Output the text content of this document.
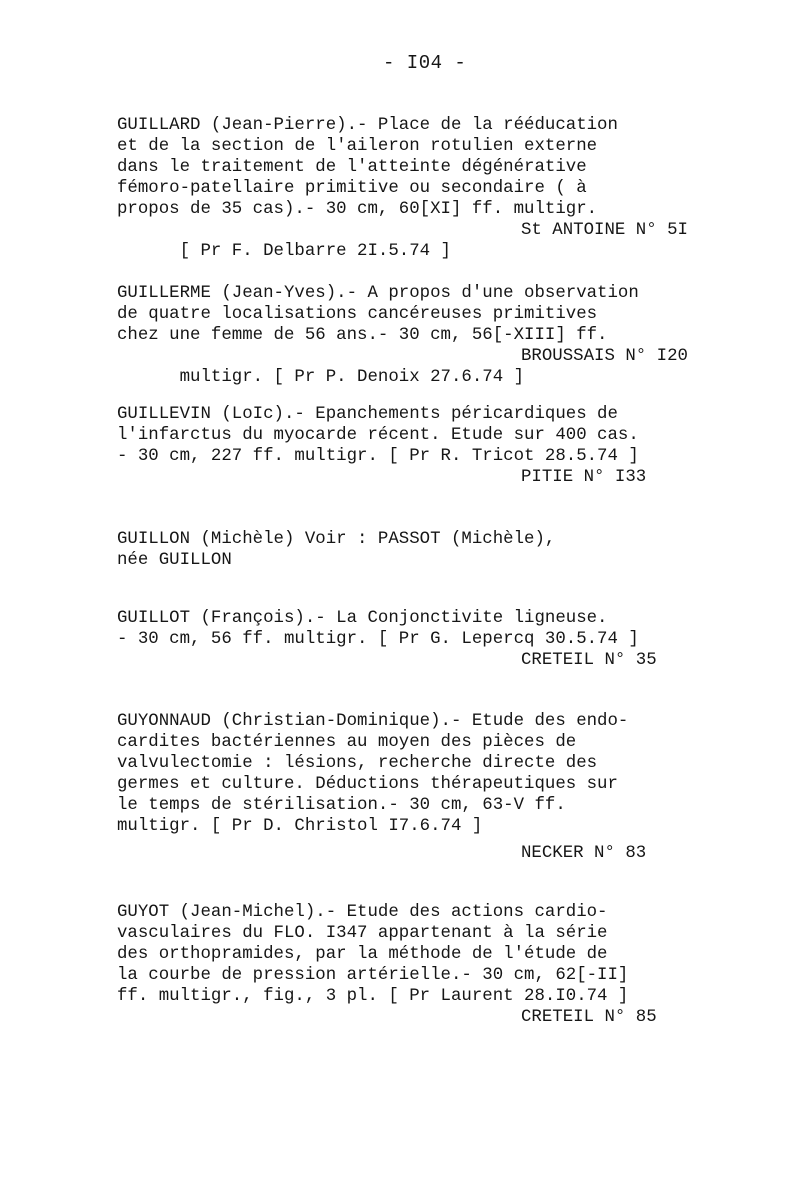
- I04 -
GUILLARD (Jean-Pierre).- Place de la rééducation
et de la section de l'aileron rotulien externe
dans le traitement de l'atteinte dégénérative
fémoro-patellaire primitive ou secondaire ( à
propos de 35 cas).- 30 cm, 60[XI] ff. multigr.

[ Pr F. Delbarre 2I.5.74 ]

St ANTOINE N° 5I

GUILLERME (Jean-Yves).- A propos d'une observation
de quatre localisations cancéreuses primitives
chez une femme de 56 ans.- 30 cm, 56[-XIII] ff.

multigr. [ Pr P. Denoix 27.6.74 ]

BROUSSAIS N° I20

GUILLEVIN (LoIc).- Epanchements péricardiques de
l'infarctus du myocarde récent. Etude sur 400 cas.
- 30 cm, 227 ff. multigr. [ Pr R. Tricot 28.5.74 ]

PITIE N° I33

GUILLON (Michèle) Voir : PASSOT (Michèle),
née GUILLON
GUILLOT (François).- La Conjonctivite ligneuse.
- 30 cm, 56 ff. multigr. [ Pr G. Lepercq 30.5.74 ]

CRETEIL N° 35

GUYONNAUD (Christian-Dominique).- Etude des endo-
cardites bactériennes au moyen des pièces de
valvulectomie : lésions, recherche directe des
germes et culture. Déductions thérapeutiques sur
le temps de stérilisation.- 30 cm, 63-V ff.
multigr. [ Pr D. Christol I7.6.74 ]

NECKER N° 83

GUYOT (Jean-Michel).- Etude des actions cardio-
vasculaires du FLO. I347 appartenant à la série
des orthopramides, par la méthode de l'étude de
la courbe de pression artérielle.- 30 cm, 62[-II]
ff. multigr., fig., 3 pl. [ Pr Laurent 28.I0.74 ]

CRETEIL N° 85
